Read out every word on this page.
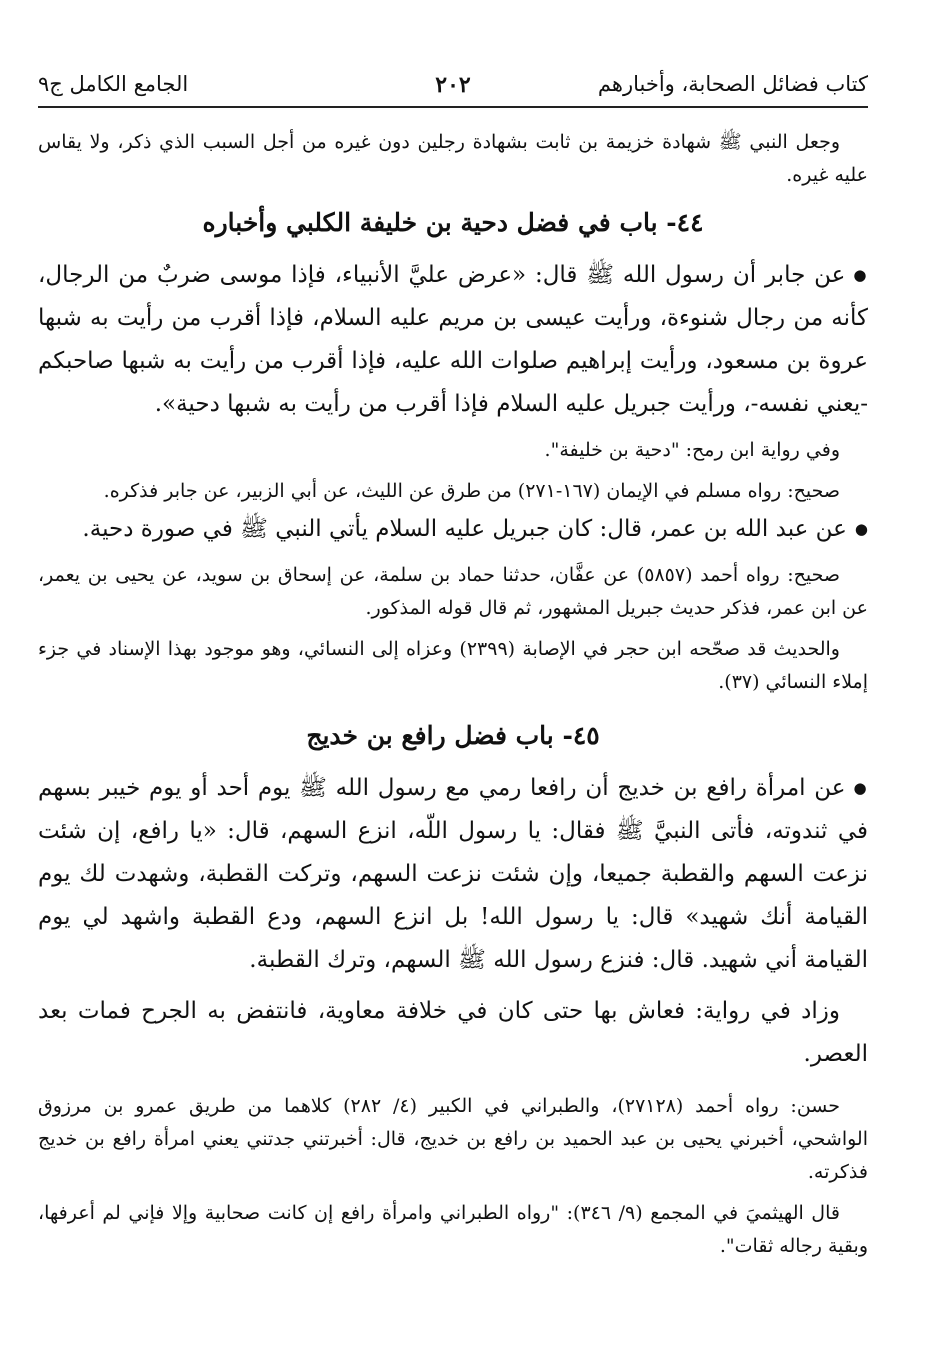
كتاب فضائل الصحابة، وأخبارهم
٢٠٢
الجامع الكامل ج٩

وجعل النبي ﷺ شهادة خزيمة بن ثابت بشهادة رجلين دون غيره من أجل السبب الذي ذكر، ولا يقاس عليه غيره.

٤٤- باب في فضل دحية بن خليفة الكلبي وأخباره

● عن جابر أن رسول الله ﷺ قال: «عرض عليَّ الأنبياء، فإذا موسى ضربٌ من الرجال، كأنه من رجال شنوءة، ورأيت عيسى بن مريم عليه السلام، فإذا أقرب من رأيت به شبها عروة بن مسعود، ورأيت إبراهيم صلوات الله عليه، فإذا أقرب من رأيت به شبها صاحبكم -يعني نفسه-، ورأيت جبريل عليه السلام فإذا أقرب من رأيت به شبها دحية».

وفي رواية ابن رمح: "دحية بن خليفة".

صحيح: رواه مسلم في الإيمان (١٦٧-٢٧١) من طرق عن الليث، عن أبي الزبير، عن جابر فذكره.

● عن عبد الله بن عمر، قال: كان جبريل عليه السلام يأتي النبي ﷺ في صورة دحية.

صحيح: رواه أحمد (٥٨٥٧) عن عفَّان، حدثنا حماد بن سلمة، عن إسحاق بن سويد، عن يحيى بن يعمر، عن ابن عمر، فذكر حديث جبريل المشهور، ثم قال قوله المذكور.

والحديث قد صحّحه ابن حجر في الإصابة (٢٣٩٩) وعزاه إلى النسائي، وهو موجود بهذا الإسناد في جزء إملاء النسائي (٣٧).

٤٥- باب فضل رافع بن خديج

● عن امرأة رافع بن خديج أن رافعا رمي مع رسول الله ﷺ يوم أحد أو يوم خيبر بسهم في ثندوته، فأتى النبيَّ ﷺ فقال: يا رسول اللّه، انزع السهم، قال: «يا رافع، إن شئت نزعت السهم والقطبة جميعا، وإن شئت نزعت السهم، وتركت القطبة، وشهدت لك يوم القيامة أنك شهيد» قال: يا رسول الله! بل انزع السهم، ودع القطبة واشهد لي يوم القيامة أني شهيد. قال: فنزع رسول الله ﷺ السهم، وترك القطبة.

وزاد في رواية: فعاش بها حتى كان في خلافة معاوية، فانتفض به الجرح فمات بعد العصر.

حسن: رواه أحمد (٢٧١٢٨)، والطبراني في الكبير (٤/ ٢٨٢) كلاهما من طريق عمرو بن مرزوق الواشحي، أخبرني يحيى بن عبد الحميد بن رافع بن خديج، قال: أخبرتني جدتني يعني امرأة رافع بن خديج فذكرته.

قال الهيثميَ في المجمع (٩/ ٣٤٦): "رواه الطبراني وامرأة رافع إن كانت صحابية وإلا فإني لم أعرفها، وبقية رجاله ثقات".
